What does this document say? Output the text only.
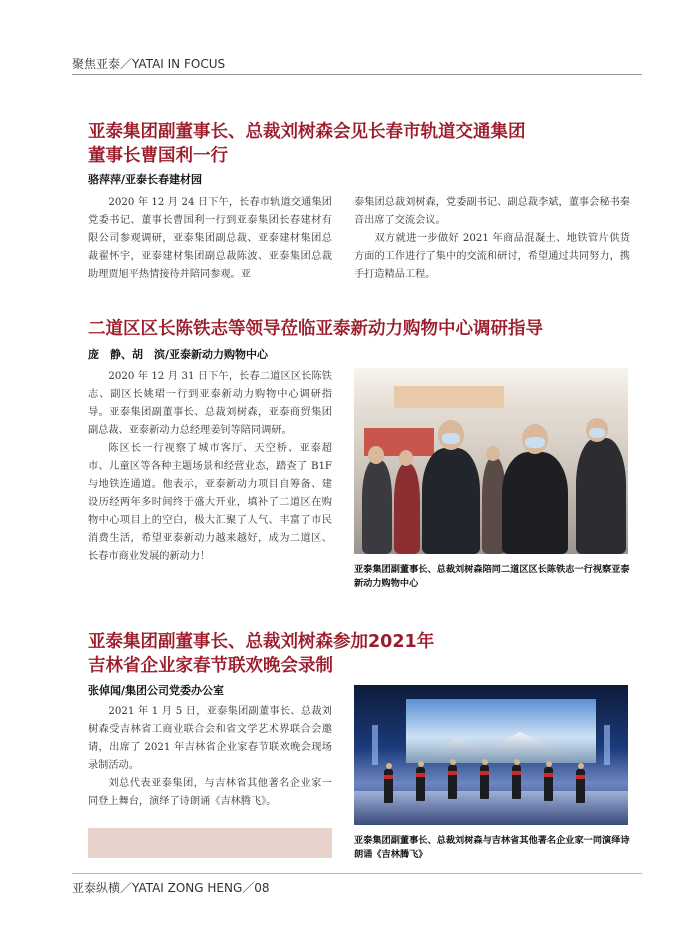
聚焦亚泰／YATAI IN FOCUS
亚泰集团副董事长、总裁刘树森会见长春市轨道交通集团
董事长曹国利一行
骆萍萍/亚泰长春建材园

2020 年 12 月 24 日下午，长春市轨道交通集团党委书记、董事长曹国利一行到亚泰集团长春建材有限公司参观调研，亚泰集团副总裁、亚泰建材集团总裁翟怀宇，亚泰建材集团副总裁陈波、亚泰集团总裁助理贾旭平热情接待并陪同参观。亚

泰集团总裁刘树森，党委副书记、副总裁李斌，董事会秘书秦音出席了交流会议。

双方就进一步做好 2021 年商品混凝土、地铁管片供货方面的工作进行了集中的交流和研讨，希望通过共同努力，携手打造精品工程。

二道区区长陈铁志等领导莅临亚泰新动力购物中心调研指导
庞　静、胡　滨/亚泰新动力购物中心

2020 年 12 月 31 日下午，长春二道区区长陈铁志、副区长姚珺一行到亚泰新动力购物中心调研指导。亚泰集团副董事长、总裁刘树森，亚泰商贸集团副总裁、亚泰新动力总经理姜钊等陪同调研。

陈区长一行视察了城市客厅、天空桥、亚泰超市、儿童区等各种主题场景和经营业态，踏查了 B1F 与地铁连通道。他表示，亚泰新动力项目自筹备、建设历经两年多时间终于盛大开业，填补了二道区在购物中心项目上的空白，极大汇聚了人气、丰富了市民消费生活，希望亚泰新动力越来越好，成为二道区、长春市商业发展的新动力！

亚泰集团副董事长、总裁刘树森陪同二道区区长陈铁志一行视察亚泰新动力购物中心
亚泰集团副董事长、总裁刘树森参加2021年
吉林省企业家春节联欢晚会录制
张倬闻/集团公司党委办公室

2021 年 1 月 5 日，亚泰集团副董事长、总裁刘树森受吉林省工商业联合会和省文学艺术界联合会邀请，出席了 2021 年吉林省企业家春节联欢晚会现场录制活动。

刘总代表亚泰集团，与吉林省其他著名企业家一同登上舞台，演绎了诗朗诵《吉林腾飞》。

亚泰集团副董事长、总裁刘树森与吉林省其他著名企业家一同演绎诗朗诵《吉林腾飞》
亚泰纵横／YATAI ZONG HENG／08
